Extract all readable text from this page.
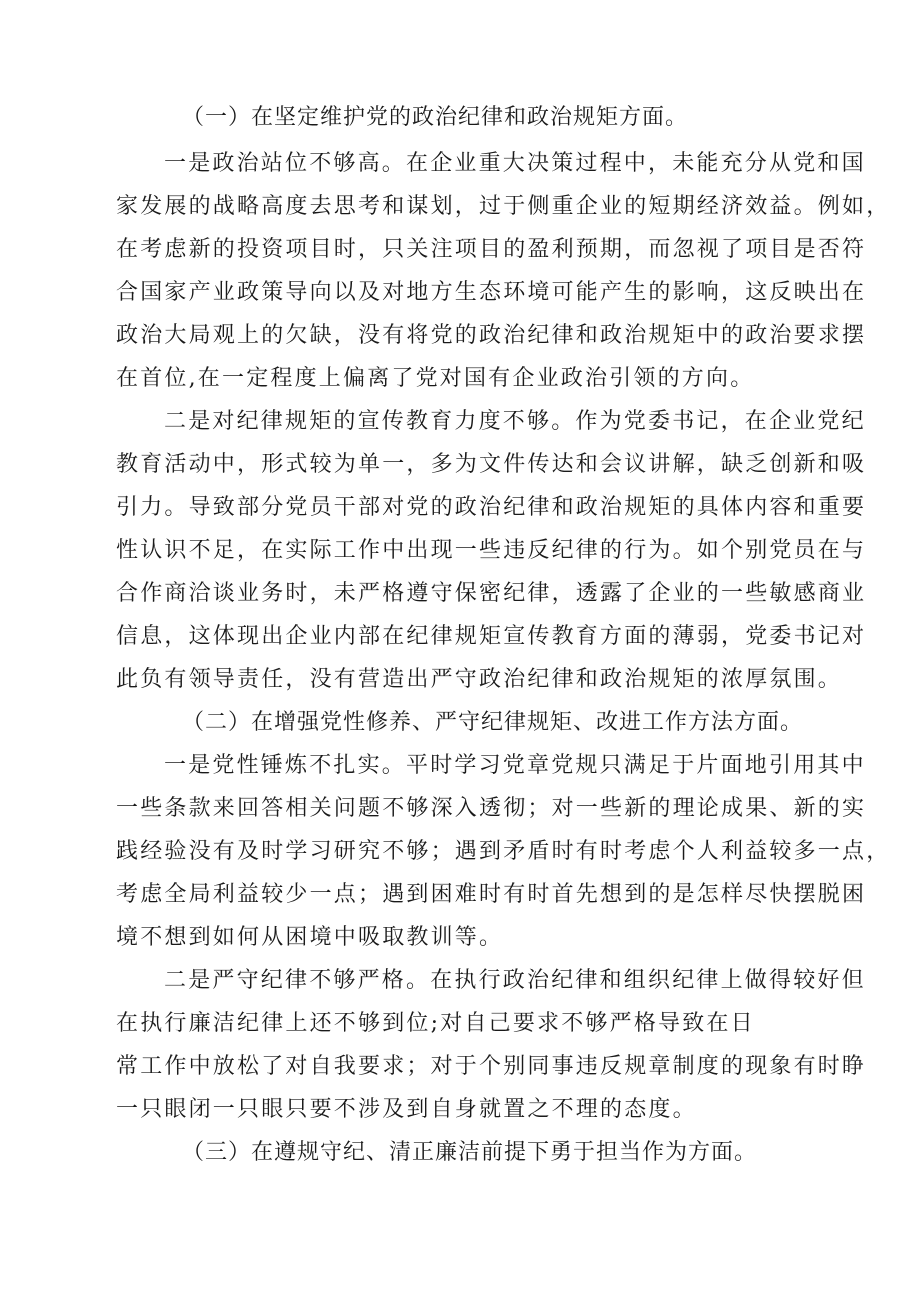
（一）在坚定维护党的政治纪律和政治规矩方面。
一是政治站位不够高。在企业重大决策过程中，未能充分从党和国
家发展的战略高度去思考和谋划，过于侧重企业的短期经济效益。例如，
在考虑新的投资项目时，只关注项目的盈利预期，而忽视了项目是否符
合国家产业政策导向以及对地方生态环境可能产生的影响，这反映出在
政治大局观上的欠缺，没有将党的政治纪律和政治规矩中的政治要求摆
在首位,在一定程度上偏离了党对国有企业政治引领的方向。
二是对纪律规矩的宣传教育力度不够。作为党委书记，在企业党纪
教育活动中，形式较为单一，多为文件传达和会议讲解，缺乏创新和吸
引力。导致部分党员干部对党的政治纪律和政治规矩的具体内容和重要
性认识不足，在实际工作中出现一些违反纪律的行为。如个别党员在与
合作商洽谈业务时，未严格遵守保密纪律，透露了企业的一些敏感商业
信息，这体现出企业内部在纪律规矩宣传教育方面的薄弱，党委书记对
此负有领导责任，没有营造出严守政治纪律和政治规矩的浓厚氛围。
（二）在增强党性修养、严守纪律规矩、改进工作方法方面。
一是党性锤炼不扎实。平时学习党章党规只满足于片面地引用其中
一些条款来回答相关问题不够深入透彻；对一些新的理论成果、新的实
践经验没有及时学习研究不够；遇到矛盾时有时考虑个人利益较多一点，
考虑全局利益较少一点；遇到困难时有时首先想到的是怎样尽快摆脱困
境不想到如何从困境中吸取教训等。
二是严守纪律不够严格。在执行政治纪律和组织纪律上做得较好但
在执行廉洁纪律上还不够到位;对自己要求不够严格导致在日
常工作中放松了对自我要求；对于个别同事违反规章制度的现象有时睁
一只眼闭一只眼只要不涉及到自身就置之不理的态度。
（三）在遵规守纪、清正廉洁前提下勇于担当作为方面。
